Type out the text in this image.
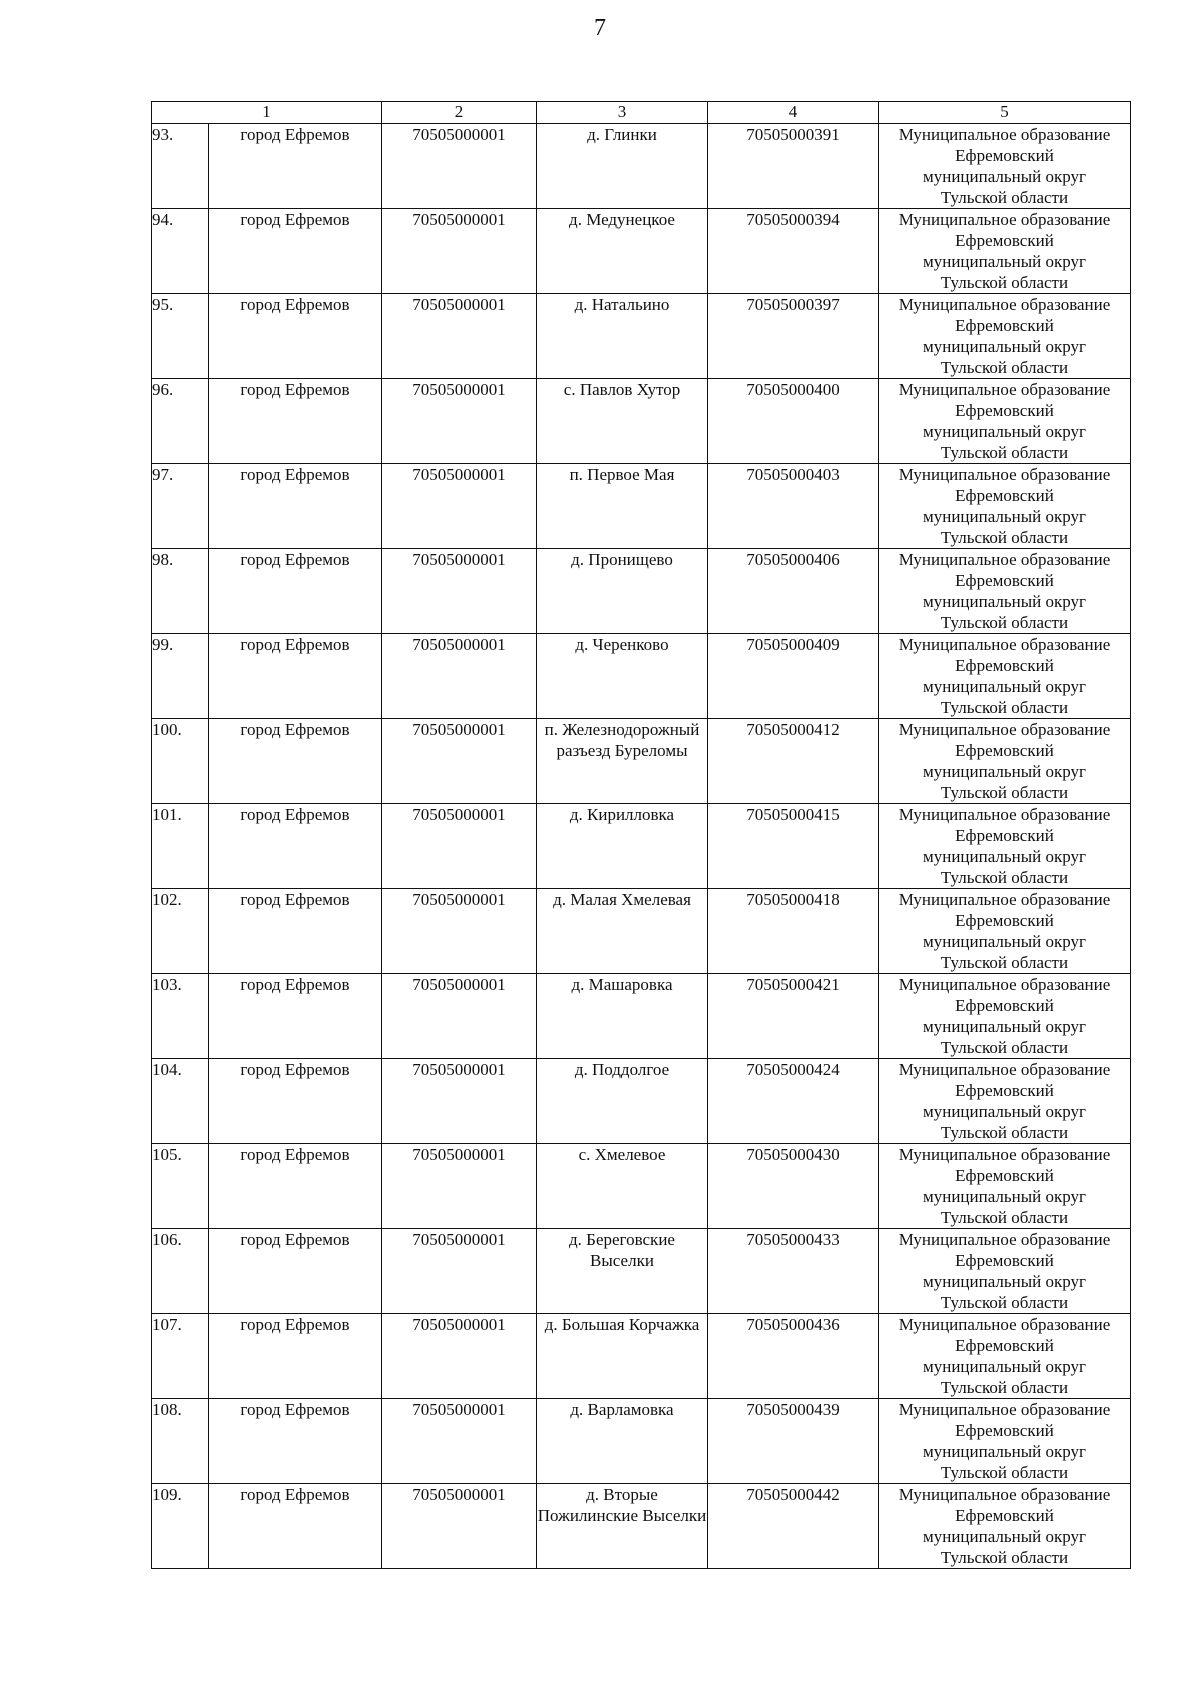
7
1		2	3	4	5
93.	город Ефремов	70505000001	д. Глинки	70505000391	Муниципальное образование
Ефремовский
муниципальный округ
Тульской области

94.	город Ефремов	70505000001	д. Медунецкое	70505000394	Муниципальное образование
Ефремовский
муниципальный округ
Тульской области

95.	город Ефремов	70505000001	д. Натальино	70505000397	Муниципальное образование
Ефремовский
муниципальный округ
Тульской области

96.	город Ефремов	70505000001	с. Павлов Хутор	70505000400	Муниципальное образование
Ефремовский
муниципальный округ
Тульской области

97.	город Ефремов	70505000001	п. Первое Мая	70505000403	Муниципальное образование
Ефремовский
муниципальный округ
Тульской области

98.	город Ефремов	70505000001	д. Пронищево	70505000406	Муниципальное образование
Ефремовский
муниципальный округ
Тульской области

99.	город Ефремов	70505000001	д. Черенково	70505000409	Муниципальное образование
Ефремовский
муниципальный округ
Тульской области

100.	город Ефремов	70505000001	п. Железнодорожный разъезд Буреломы	70505000412	Муниципальное образование
Ефремовский
муниципальный округ
Тульской области

101.	город Ефремов	70505000001	д. Кирилловка	70505000415	Муниципальное образование
Ефремовский
муниципальный округ
Тульской области

102.	город Ефремов	70505000001	д. Малая Хмелевая	70505000418	Муниципальное образование
Ефремовский
муниципальный округ
Тульской области

103.	город Ефремов	70505000001	д. Машаровка	70505000421	Муниципальное образование
Ефремовский
муниципальный округ
Тульской области

104.	город Ефремов	70505000001	д. Поддолгое	70505000424	Муниципальное образование
Ефремовский
муниципальный округ
Тульской области

105.	город Ефремов	70505000001	с. Хмелевое	70505000430	Муниципальное образование
Ефремовский
муниципальный округ
Тульской области

106.	город Ефремов	70505000001	д. Береговские Выселки	70505000433	Муниципальное образование
Ефремовский
муниципальный округ
Тульской области

107.	город Ефремов	70505000001	д. Большая Корчажка	70505000436	Муниципальное образование
Ефремовский
муниципальный округ
Тульской области

108.	город Ефремов	70505000001	д. Варламовка	70505000439	Муниципальное образование
Ефремовский
муниципальный округ
Тульской области

109.	город Ефремов	70505000001	д. Вторые Пожилинские Выселки	70505000442	Муниципальное образование
Ефремовский
муниципальный округ
Тульской области
